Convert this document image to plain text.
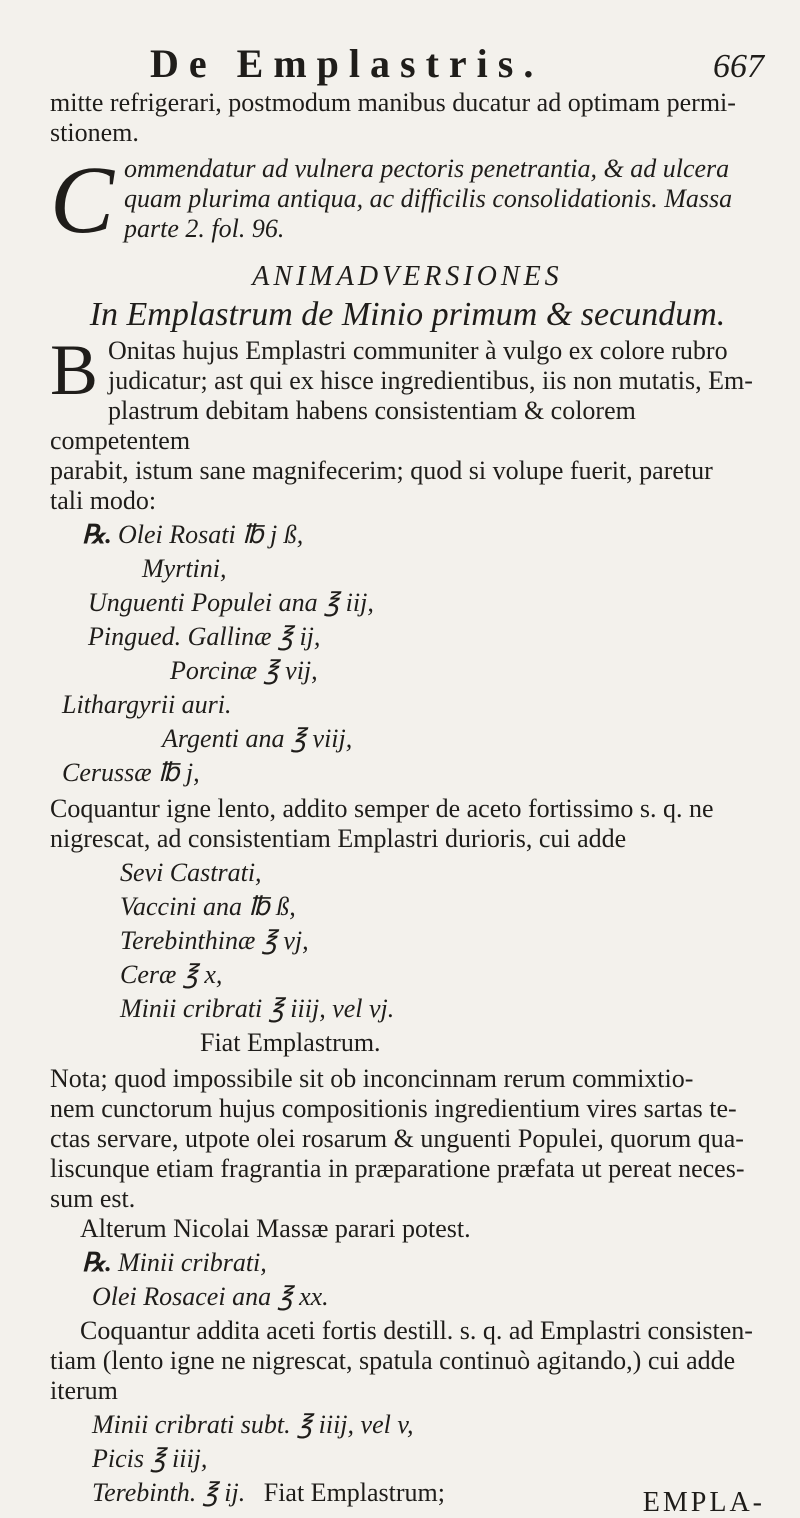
De Emplastris.	667

mitte refrigerari, postmodum manibus ducatur ad optimam permi-

stionem.

C ommendatur ad vulnera pectoris penetrantia, & ad ulcera

quam plurima antiqua, ac difficilis consolidationis. Massa

parte 2. fol. 96.

ANIMADVERSIONES
In Emplastrum de Minio primum & secundum.
B Onitas hujus Emplastri communiter à vulgo ex colore rubro

judicatur; ast qui ex hisce ingredientibus, iis non mutatis, Em-

plastrum debitam habens consistentiam & colorem competentem

parabit, istum sane magnifecerim; quod si volupe fuerit, paretur

tali modo:

℞. Olei Rosati ℔ j ß,
Myrtini,
Unguenti Populei ana ℥ iij,
Pingued. Gallinæ ℥ ij,
Porcinæ ℥ vij,
Lithargyrii auri.
Argenti ana ℥ viij,
Cerussæ ℔ j,

Coquantur igne lento, addito semper de aceto fortissimo s. q. ne

nigrescat, ad consistentiam Emplastri durioris, cui adde

Sevi Castrati,
Vaccini ana ℔ ß,
Terebinthinæ ℥ vj,
Ceræ ℥ x,
Minii cribrati ℥ iiij, vel vj.

Fiat Emplastrum.

Nota; quod impossibile sit ob inconcinnam rerum commixtio-

nem cunctorum hujus compositionis ingredientium vires sartas te-

ctas servare, utpote olei rosarum & unguenti Populei, quorum qua-

liscunque etiam fragrantia in præparatione præfata ut pereat neces-

sum est.

Alterum Nicolai Massæ parari potest.

℞. Minii cribrati,
Olei Rosacei ana ℥ xx.

Coquantur addita aceti fortis destill. s. q. ad Emplastri consisten-

tiam (lento igne ne nigrescat, spatula continuò agitando,) cui adde

iterum

Minii cribrati subt. ℥ iiij, vel v,
Picis ℥ iiij,
Terebinth. ℥ ij. Fiat Emplastrum;	EMPLA-
